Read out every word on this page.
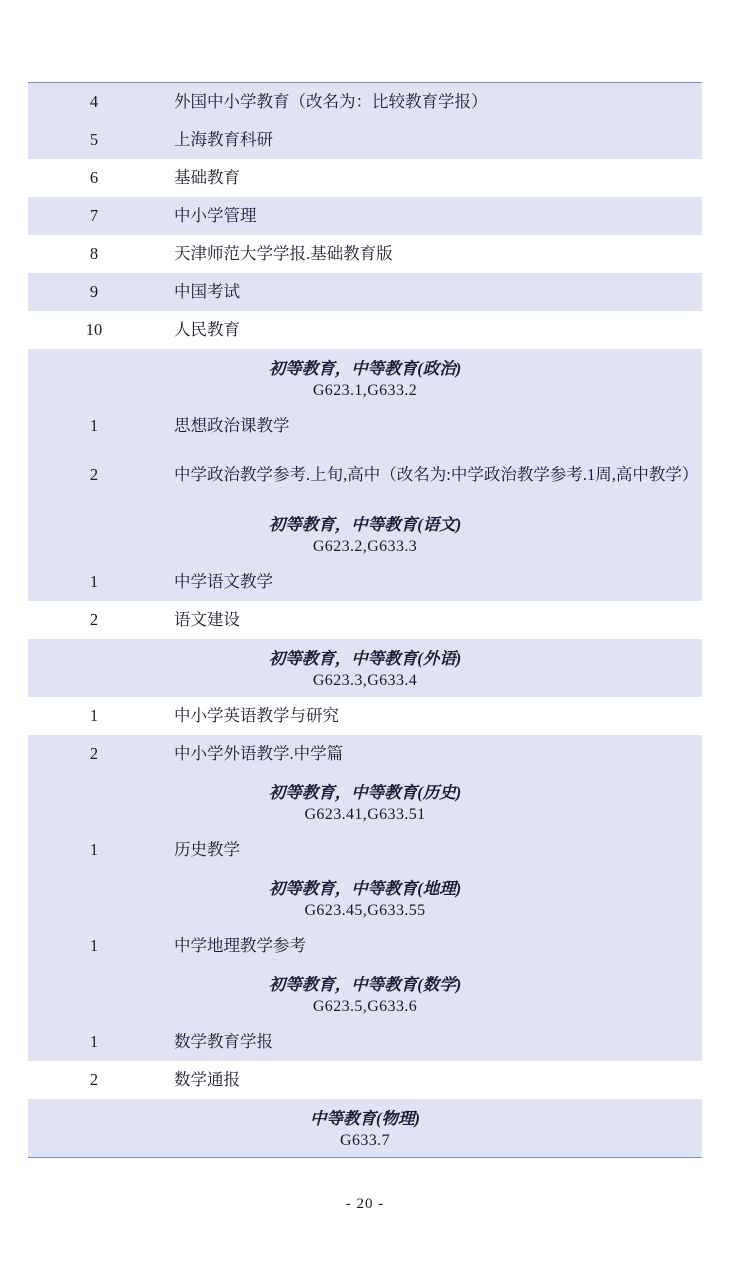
4	外国中小学教育（改名为：比较教育学报）
5	上海教育科研
6	基础教育
7	中小学管理
8	天津师范大学学报.基础教育版
9	中国考试
10	人民教育
初等教育，中等教育(政治)	
G623.1,G633.2	
1	思想政治课教学
2	中学政治教学参考.上旬,高中（改名为:中学政治教学参考.1周,高中教学）
初等教育，中等教育(语文)	
G623.2,G633.3	
1	中学语文教学
2	语文建设
初等教育，中等教育(外语)	
G623.3,G633.4	
1	中小学英语教学与研究
2	中小学外语教学.中学篇
初等教育，中等教育(历史)	
G623.41,G633.51	
1	历史教学
初等教育，中等教育(地理)	
G623.45,G633.55	
1	中学地理教学参考
初等教育，中等教育(数学)	
G623.5,G633.6	
1	数学教育学报
2	数学通报
中等教育(物理)	
G633.7	
- 20 -
